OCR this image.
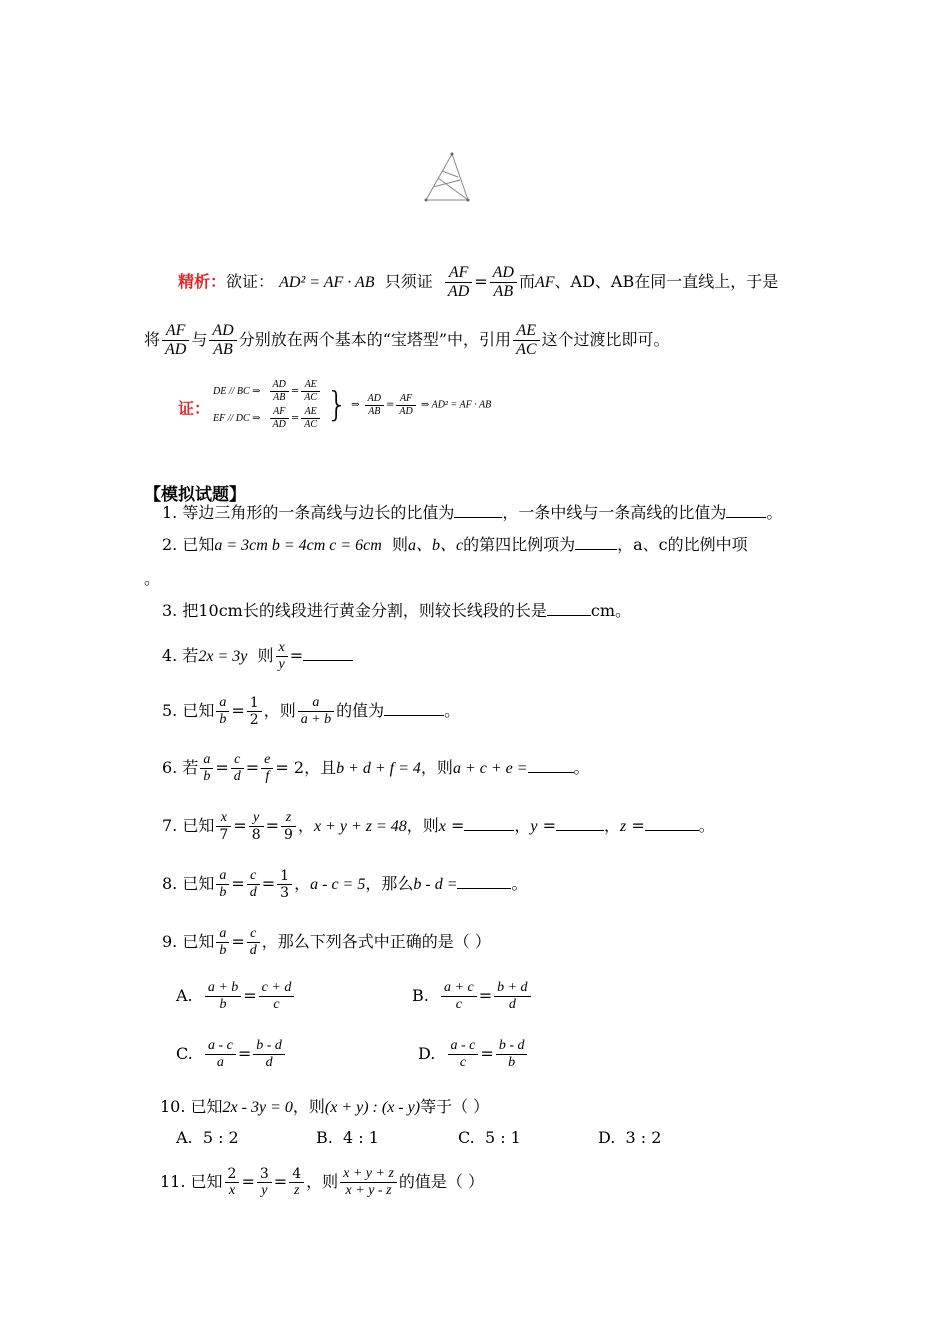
精析：欲证： AD² = AF · AB 只须证 $\frac{AF}{AD} = \frac{AD}{AB}$ 而AF、AD、AB在同一直线上，于是
将 $\frac{AF}{AD}$ 与 $\frac{AD}{AB}$ 分别放在两个基本的“宝塔型”中，引用 $\frac{AE}{AC}$ 这个过渡比即可。
证：
DE // BC ⇒	$\frac{AD}{AB} = \frac{AE}{AC}$

EF // DC ⇒	$\frac{AF}{AD} = \frac{AE}{AC}$ } ⇒ $\frac{AD}{AB} = \frac{AF}{AD}$ ⇒ AD² = AF · AB
【模拟试题】
1. 等边三角形的一条高线与边长的比值为	，一条中线与一条高线的比值为	。
2. 已知a = 3cm b = 4cm c = 6cm 则a、b、c的第四比例项为	，a、c的比例中项
。
3. 把10cm长的线段进行黄金分割，则较长线段的长是	cm。
4. 若2x = 3y 则 $\frac{x}{y}$ =
5. 已知 $\frac{a}{b} = \frac{1}{2}$ ，则 $\frac{a}{a + b}$ 的值为	。
6. 若 $\frac{a}{b} = \frac{c}{d} = \frac{e}{f} = 2$，且b + d + f = 4，则a + c + e =	。
7. 已知 $\frac{x}{7} = \frac{y}{8} = \frac{z}{9}$ ，x + y + z = 48，则x =	，y =	，z =	。
8. 已知 $\frac{a}{b} = \frac{c}{d} = \frac{1}{3}$ ，a - c = 5，那么b - d =	。
9. 已知 $\frac{a}{b} = \frac{c}{d}$ ，那么下列各式中正确的是（ ）
A. $\frac{a + b}{b} = \frac{c + d}{c}$	B. $\frac{a + c}{c} = \frac{b + d}{d}$
C. $\frac{a - c}{a} = \frac{b - d}{d}$	D. $\frac{a - c}{c} = \frac{b - d}{b}$
10. 已知2x - 3y = 0，则(x + y) : (x - y)等于（ ）
A. 5 : 2	B. 4 : 1	C. 5 : 1	D. 3 : 2
11. 已知 $\frac{2}{x} = \frac{3}{y} = \frac{4}{z}$ ，则 $\frac{x + y + z}{x + y - z}$ 的值是（ ）
